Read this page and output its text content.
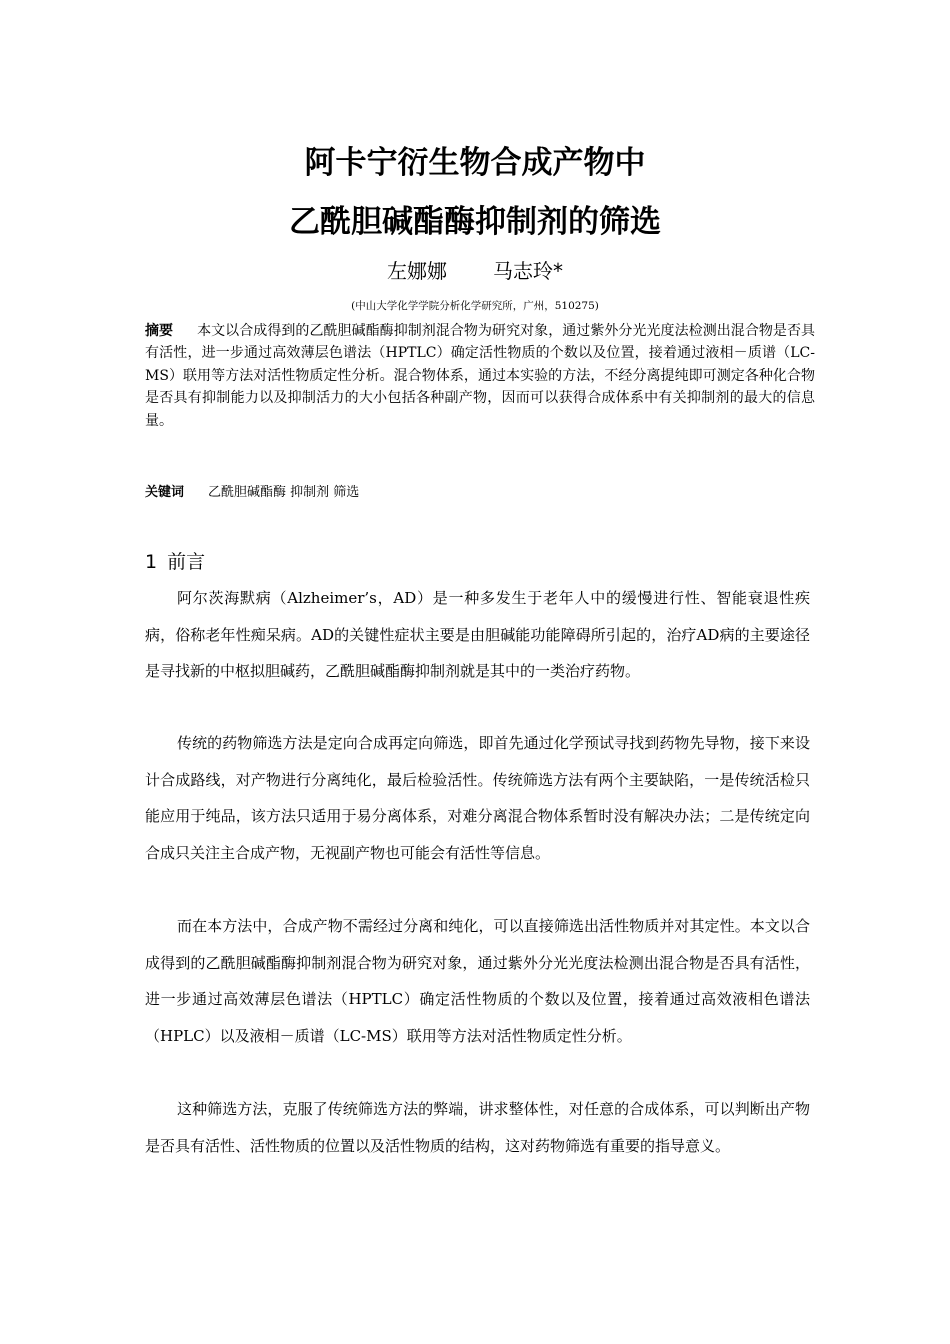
阿卡宁衍生物合成产物中
乙酰胆碱酯酶抑制剂的筛选
左娜娜 马志玲*
(中山大学化学学院分析化学研究所，广州，510275)
摘要 本文以合成得到的乙酰胆碱酯酶抑制剂混合物为研究对象，通过紫外分光光度法检测出混合物是否具有活性，进一步通过高效薄层色谱法（HPTLC）确定活性物质的个数以及位置，接着通过液相－质谱（LC-MS）联用等方法对活性物质定性分析。混合物体系，通过本实验的方法，不经分离提纯即可测定各种化合物是否具有抑制能力以及抑制活力的大小包括各种副产物，因而可以获得合成体系中有关抑制剂的最大的信息量。
关键词 乙酰胆碱酯酶 抑制剂 筛选
1 前言

阿尔茨海默病（Alzheimer’s，AD）是一种多发生于老年人中的缓慢进行性、智能衰退性疾病，俗称老年性痴呆病。AD的关键性症状主要是由胆碱能功能障碍所引起的，治疗AD病的主要途径是寻找新的中枢拟胆碱药，乙酰胆碱酯酶抑制剂就是其中的一类治疗药物。

传统的药物筛选方法是定向合成再定向筛选，即首先通过化学预试寻找到药物先导物，接下来设计合成路线，对产物进行分离纯化，最后检验活性。传统筛选方法有两个主要缺陷，一是传统活检只能应用于纯品，该方法只适用于易分离体系，对难分离混合物体系暂时没有解决办法；二是传统定向合成只关注主合成产物，无视副产物也可能会有活性等信息。

而在本方法中，合成产物不需经过分离和纯化，可以直接筛选出活性物质并对其定性。本文以合成得到的乙酰胆碱酯酶抑制剂混合物为研究对象，通过紫外分光光度法检测出混合物是否具有活性，进一步通过高效薄层色谱法（HPTLC）确定活性物质的个数以及位置，接着通过高效液相色谱法（HPLC）以及液相－质谱（LC-MS）联用等方法对活性物质定性分析。

这种筛选方法，克服了传统筛选方法的弊端，讲求整体性，对任意的合成体系，可以判断出产物是否具有活性、活性物质的位置以及活性物质的结构，这对药物筛选有重要的指导意义。
